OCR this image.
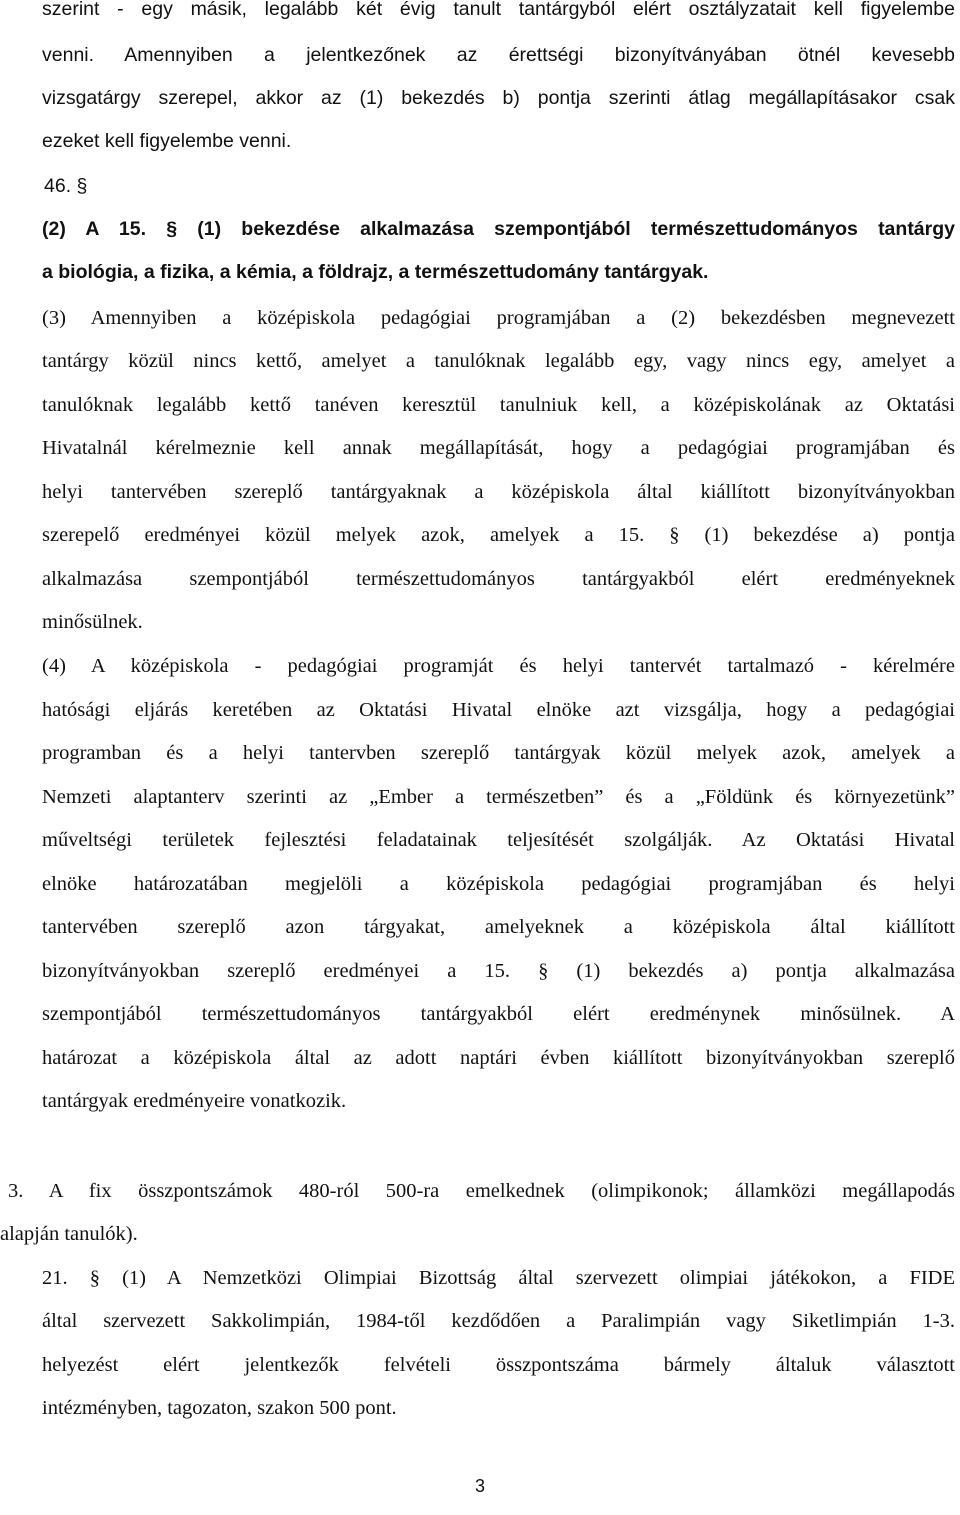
szerint - egy másik, legalább két évig tanult tantárgyból elért osztályzatait kell figyelembe
venni. Amennyiben a jelentkezőnek az érettségi bizonyítványában ötnél kevesebb
vizsgatárgy szerepel, akkor az (1) bekezdés b) pontja szerinti átlag megállapításakor csak
ezeket kell figyelembe venni.
46. §
(2) A 15. § (1) bekezdése alkalmazása szempontjából természettudományos tantárgy
a biológia, a fizika, a kémia, a földrajz, a természettudomány tantárgyak.
(3) Amennyiben a középiskola pedagógiai programjában a (2) bekezdésben megnevezett
tantárgy közül nincs kettő, amelyet a tanulóknak legalább egy, vagy nincs egy, amelyet a
tanulóknak legalább kettő tanéven keresztül tanulniuk kell, a középiskolának az Oktatási
Hivatalnál kérelmeznie kell annak megállapítását, hogy a pedagógiai programjában és
helyi tantervében szereplő tantárgyaknak a középiskola által kiállított bizonyítványokban
szerepelő eredményei közül melyek azok, amelyek a 15. § (1) bekezdése a) pontja
alkalmazása szempontjából természettudományos tantárgyakból elért eredményeknek
minősülnek.
(4) A középiskola - pedagógiai programját és helyi tantervét tartalmazó - kérelmére
hatósági eljárás keretében az Oktatási Hivatal elnöke azt vizsgálja, hogy a pedagógiai
programban és a helyi tantervben szereplő tantárgyak közül melyek azok, amelyek a
Nemzeti alaptanterv szerinti az „Ember a természetben” és a „Földünk és környezetünk”
műveltségi területek fejlesztési feladatainak teljesítését szolgálják. Az Oktatási Hivatal
elnöke határozatában megjelöli a középiskola pedagógiai programjában és helyi
tantervében szereplő azon tárgyakat, amelyeknek a középiskola által kiállított
bizonyítványokban szereplő eredményei a 15. § (1) bekezdés a) pontja alkalmazása
szempontjából természettudományos tantárgyakból elért eredménynek minősülnek. A
határozat a középiskola által az adott naptári évben kiállított bizonyítványokban szereplő
tantárgyak eredményeire vonatkozik.
3. A fix összpontszámok 480-ról 500-ra emelkednek (olimpikonok; államközi megállapodás
alapján tanulók).
21. § (1) A Nemzetközi Olimpiai Bizottság által szervezett olimpiai játékokon, a FIDE
által szervezett Sakkolimpián, 1984-től kezdődően a Paralimpián vagy Siketlimpián 1-3.
helyezést elért jelentkezők felvételi összpontszáma bármely általuk választott
intézményben, tagozaton, szakon 500 pont.
3
